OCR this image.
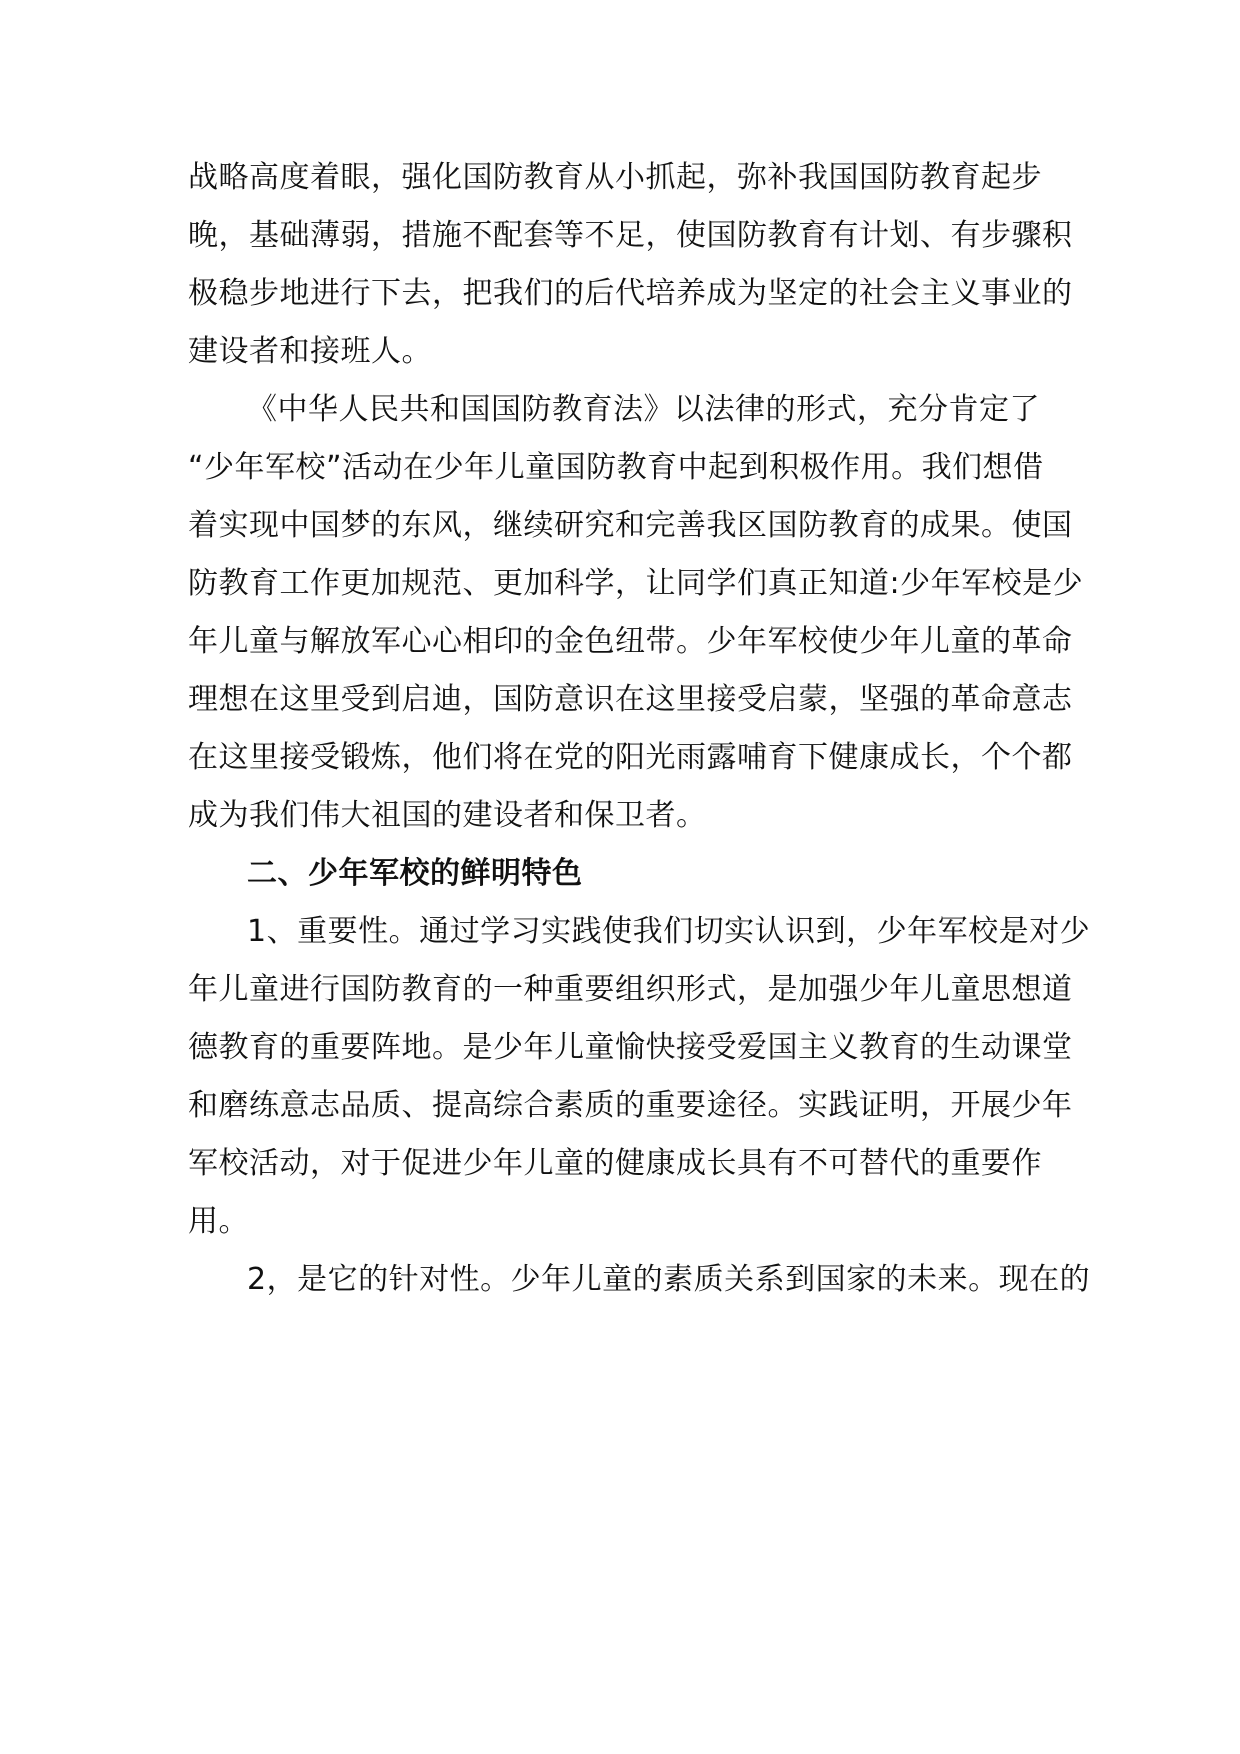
战略高度着眼，强化国防教育从小抓起，弥补我国国防教育起步
晚，基础薄弱，措施不配套等不足，使国防教育有计划、有步骤积
极稳步地进行下去，把我们的后代培养成为坚定的社会主义事业的
建设者和接班人。
《中华人民共和国国防教育法》以法律的形式，充分肯定了
“少年军校”活动在少年儿童国防教育中起到积极作用。我们想借
着实现中国梦的东风，继续研究和完善我区国防教育的成果。使国
防教育工作更加规范、更加科学，让同学们真正知道:少年军校是少
年儿童与解放军心心相印的金色纽带。少年军校使少年儿童的革命
理想在这里受到启迪，国防意识在这里接受启蒙，坚强的革命意志
在这里接受锻炼，他们将在党的阳光雨露哺育下健康成长，个个都
成为我们伟大祖国的建设者和保卫者。
二、少年军校的鲜明特色
1、重要性。通过学习实践使我们切实认识到，少年军校是对少
年儿童进行国防教育的一种重要组织形式，是加强少年儿童思想道
德教育的重要阵地。是少年儿童愉快接受爱国主义教育的生动课堂
和磨练意志品质、提高综合素质的重要途径。实践证明，开展少年
军校活动，对于促进少年儿童的健康成长具有不可替代的重要作
用。
2，是它的针对性。少年儿童的素质关系到国家的未来。现在的
